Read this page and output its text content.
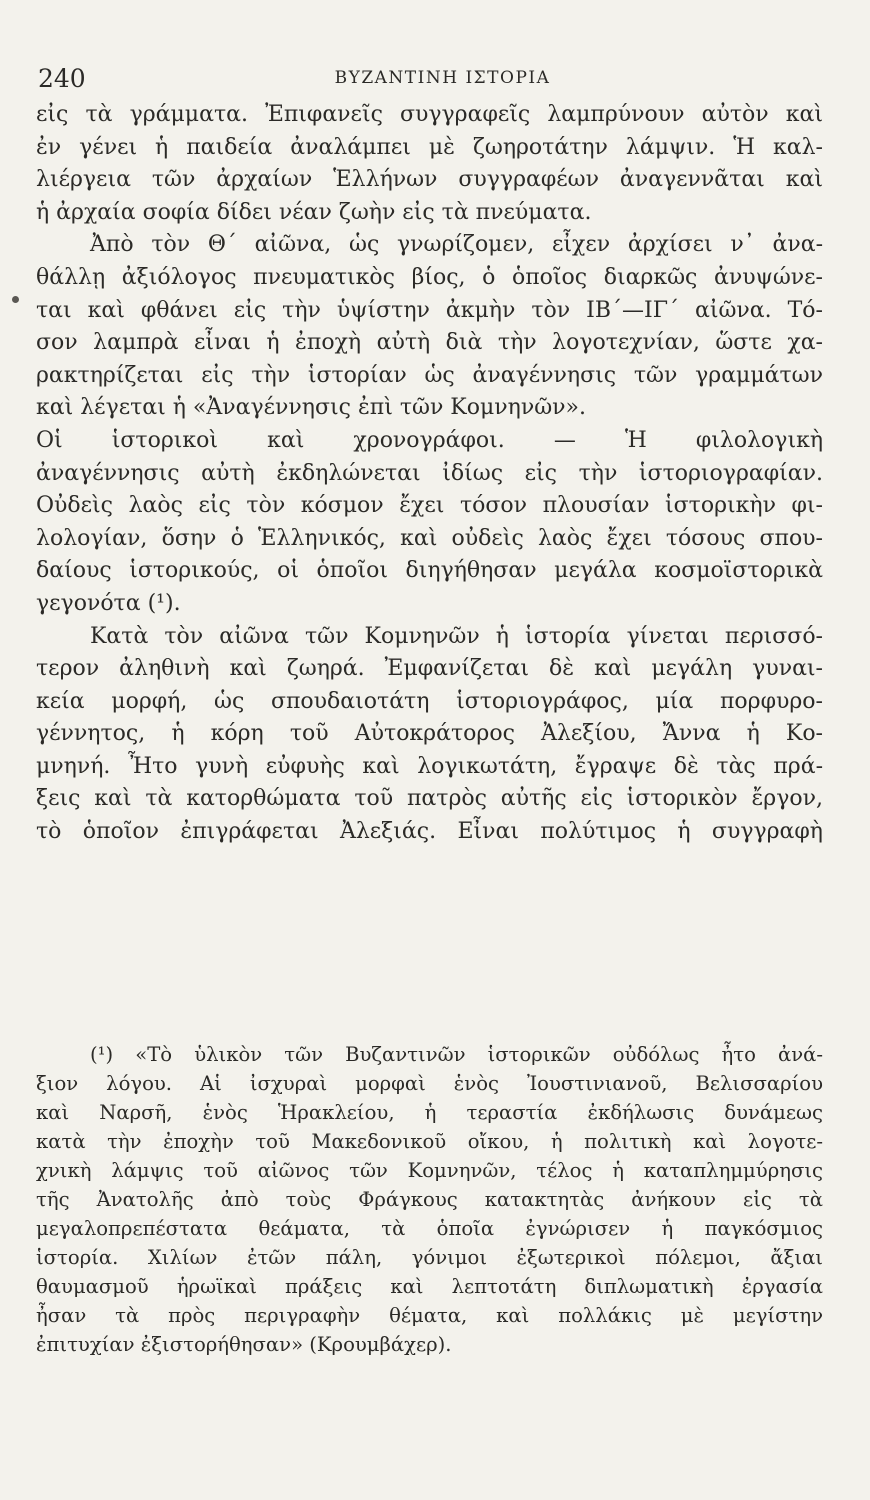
240	ΒΥΖΑΝΤΙΝΗ ΙΣΤΟΡΙΑ
εἰς τὰ γράμματα. Ἐπιφανεῖς συγγραφεῖς λαμπρύνουν αὐτὸν καὶ
ἐν γένει ἡ παιδεία ἀναλάμπει μὲ ζωηροτάτην λάμψιν. Ἡ καλ-
λιέργεια τῶν ἀρχαίων Ἑλλήνων συγγραφέων ἀναγεννᾶται καὶ
ἡ ἀρχαία σοφία δίδει νέαν ζωὴν εἰς τὰ πνεύματα.
Ἀπὸ τὸν Θ΄ αἰῶνα, ὡς γνωρίζομεν, εἶχεν ἀρχίσει ν᾽ ἀνα-
θάλλῃ ἀξιόλογος πνευματικὸς βίος, ὁ ὁποῖος διαρκῶς ἀνυψώνε-
ται καὶ φθάνει εἰς τὴν ὑψίστην ἀκμὴν τὸν ΙΒ΄—ΙΓ΄ αἰῶνα. Τό-
σον λαμπρὰ εἶναι ἡ ἐποχὴ αὐτὴ διὰ τὴν λογοτεχνίαν, ὥστε χα-
ρακτηρίζεται εἰς τὴν ἱστορίαν ὡς ἀναγέννησις τῶν γραμμάτων
καὶ λέγεται ἡ «Ἀναγέννησις ἐπὶ τῶν Κομνηνῶν».
Οἱ ἱστορικοὶ καὶ χρονογράφοι. — Ἡ φιλολογικὴ
ἀναγέννησις αὐτὴ ἐκδηλώνεται ἰδίως εἰς τὴν ἱστοριογραφίαν.
Οὐδεὶς λαὸς εἰς τὸν κόσμον ἔχει τόσον πλουσίαν ἱστορικὴν φι-
λολογίαν, ὅσην ὁ Ἑλληνικός, καὶ οὐδεὶς λαὸς ἔχει τόσους σπου-
δαίους ἱστορικούς, οἱ ὁποῖοι διηγήθησαν μεγάλα κοσμοϊστορικὰ
γεγονότα (¹).
Κατὰ τὸν αἰῶνα τῶν Κομνηνῶν ἡ ἱστορία γίνεται περισσό-
τερον ἀληθινὴ καὶ ζωηρά. Ἐμφανίζεται δὲ καὶ μεγάλη γυναι-
κεία μορφή, ὡς σπουδαιοτάτη ἱστοριογράφος, μία πορφυρο-
γέννητος, ἡ κόρη τοῦ Αὐτοκράτορος Ἀλεξίου, Ἄννα ἡ Κο-
μνηνή. Ἦτο γυνὴ εὐφυὴς καὶ λογικωτάτη, ἔγραψε δὲ τὰς πρά-
ξεις καὶ τὰ κατορθώματα τοῦ πατρὸς αὐτῆς εἰς ἱστορικὸν ἔργον,
τὸ ὁποῖον ἐπιγράφεται Ἀλεξιάς. Εἶναι πολύτιμος ἡ συγγραφὴ
(¹) «Τὸ ὑλικὸν τῶν Βυζαντινῶν ἱστορικῶν οὐδόλως ἦτο ἀνά-
ξιον λόγου. Αἱ ἰσχυραὶ μορφαὶ ἑνὸς Ἰουστινιανοῦ, Βελισσαρίου
καὶ Ναρσῆ, ἑνὸς Ἡρακλείου, ἡ τεραστία ἐκδήλωσις δυνάμεως
κατὰ τὴν ἐποχὴν τοῦ Μακεδονικοῦ οἴκου, ἡ πολιτικὴ καὶ λογοτε-
χνικὴ λάμψις τοῦ αἰῶνος τῶν Κομνηνῶν, τέλος ἡ καταπλημμύρησις
τῆς Ἀνατολῆς ἀπὸ τοὺς Φράγκους κατακτητὰς ἀνήκουν εἰς τὰ
μεγαλοπρεπέστατα θεάματα, τὰ ὁποῖα ἐγνώρισεν ἡ παγκόσμιος
ἱστορία. Χιλίων ἐτῶν πάλη, γόνιμοι ἐξωτερικοὶ πόλεμοι, ἄξιαι
θαυμασμοῦ ἡρωϊκαὶ πράξεις καὶ λεπτοτάτη διπλωματικὴ ἐργασία
ἦσαν τὰ πρὸς περιγραφὴν θέματα, καὶ πολλάκις μὲ μεγίστην
ἐπιτυχίαν ἐξιστορήθησαν» (Κρουμβάχερ).
